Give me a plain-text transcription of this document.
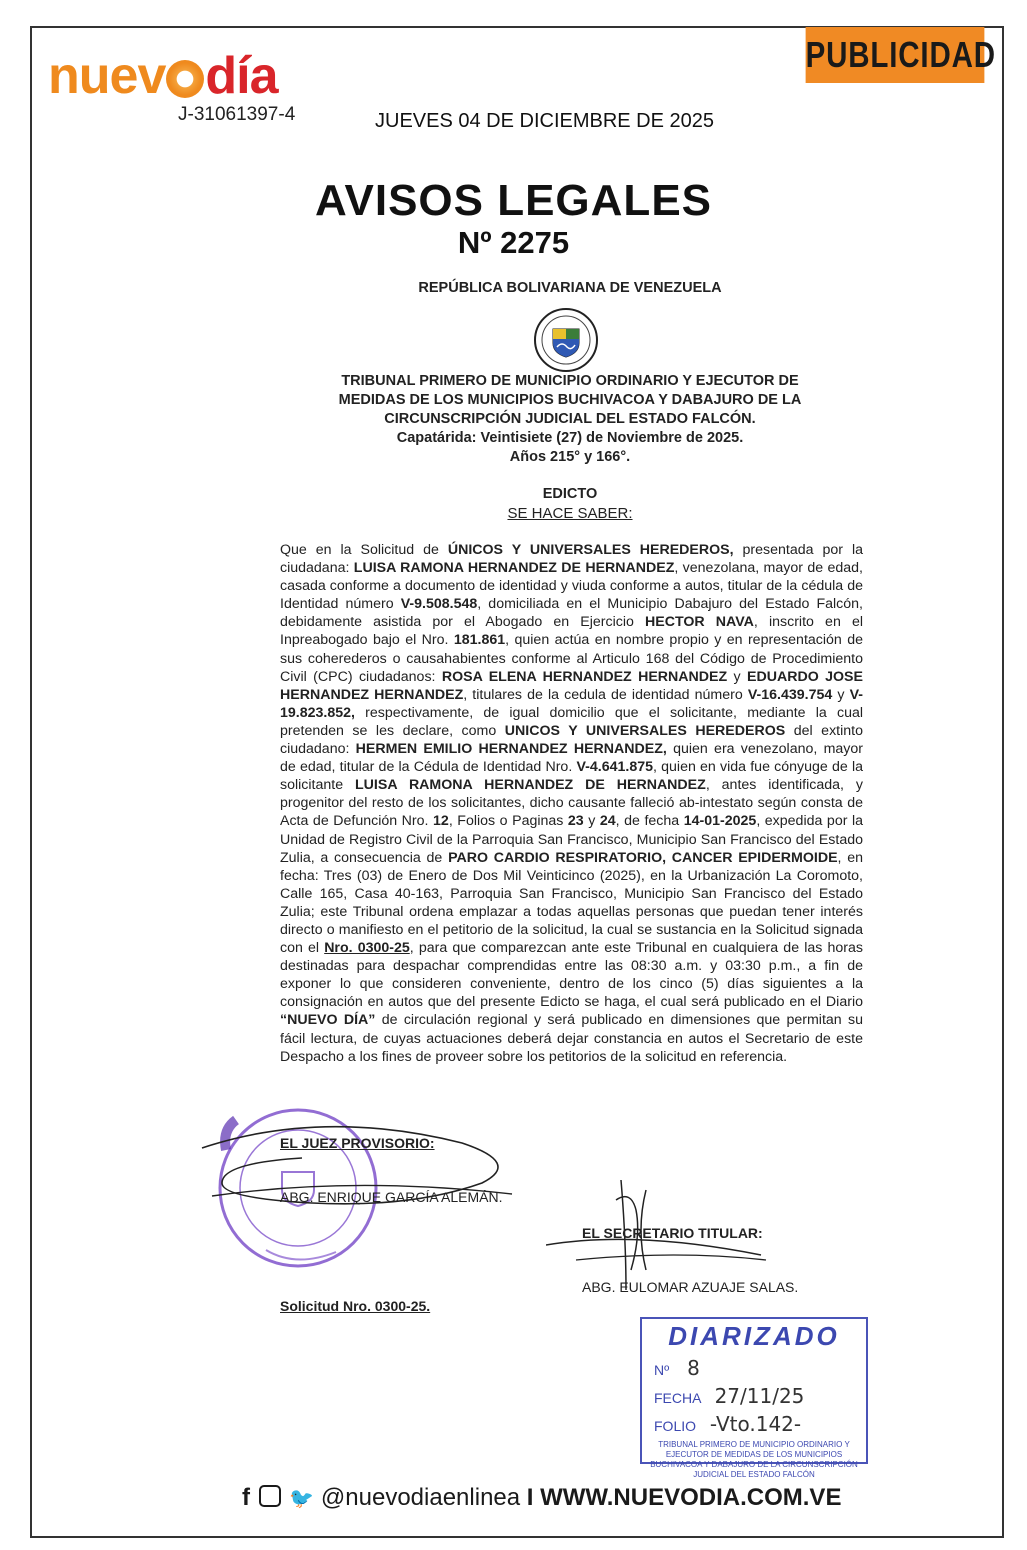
PUBLICIDAD
nuev día
J-31061397-4	JUEVES 04 DE DICIEMBRE DE 2025
AVISOS LEGALES
Nº 2275
REPÚBLICA BOLIVARIANA DE VENEZUELA
TRIBUNAL PRIMERO DE MUNICIPIO ORDINARIO Y EJECUTOR DE
MEDIDAS DE LOS MUNICIPIOS BUCHIVACOA Y DABAJURO DE LA
CIRCUNSCRIPCIÓN JUDICIAL DEL ESTADO FALCÓN.
Capatárida: Veintisiete (27) de Noviembre de 2025.
Años 215° y 166°.
EDICTO
SE HACE SABER:
Que en la Solicitud de ÚNICOS Y UNIVERSALES HEREDEROS, presentada por la ciudadana: LUISA RAMONA HERNANDEZ DE HERNANDEZ, venezolana, mayor de edad, casada conforme a documento de identidad y viuda conforme a autos, titular de la cédula de Identidad número V-9.508.548, domiciliada en el Municipio Dabajuro del Estado Falcón, debidamente asistida por el Abogado en Ejercicio HECTOR NAVA, inscrito en el Inpreabogado bajo el Nro. 181.861, quien actúa en nombre propio y en representación de sus coherederos o causahabientes conforme al Articulo 168 del Código de Procedimiento Civil (CPC) ciudadanos: ROSA ELENA HERNANDEZ HERNANDEZ y EDUARDO JOSE HERNANDEZ HERNANDEZ, titulares de la cedula de identidad número V-16.439.754 y V-19.823.852, respectivamente, de igual domicilio que el solicitante, mediante la cual pretenden se les declare, como UNICOS Y UNIVERSALES HEREDEROS del extinto ciudadano: HERMEN EMILIO HERNANDEZ HERNANDEZ, quien era venezolano, mayor de edad, titular de la Cédula de Identidad Nro. V-4.641.875, quien en vida fue cónyuge de la solicitante LUISA RAMONA HERNANDEZ DE HERNANDEZ, antes identificada, y progenitor del resto de los solicitantes, dicho causante falleció ab-intestato según consta de Acta de Defunción Nro. 12, Folios o Paginas 23 y 24, de fecha 14-01-2025, expedida por la Unidad de Registro Civil de la Parroquia San Francisco, Municipio San Francisco del Estado Zulia, a consecuencia de PARO CARDIO RESPIRATORIO, CANCER EPIDERMOIDE, en fecha: Tres (03) de Enero de Dos Mil Veinticinco (2025), en la Urbanización La Coromoto, Calle 165, Casa 40-163, Parroquia San Francisco, Municipio San Francisco del Estado Zulia; este Tribunal ordena emplazar a todas aquellas personas que puedan tener interés directo o manifiesto en el petitorio de la solicitud, la cual se sustancia en la Solicitud signada con el Nro. 0300-25, para que comparezcan ante este Tribunal en cualquiera de las horas destinadas para despachar comprendidas entre las 08:30 a.m. y 03:30 p.m., a fin de exponer lo que consideren conveniente, dentro de los cinco (5) días siguientes a la consignación en autos que del presente Edicto se haga, el cual será publicado en el Diario “NUEVO DÍA” de circulación regional y será publicado en dimensiones que permitan su fácil lectura, de cuyas actuaciones deberá dejar constancia en autos el Secretario de este Despacho a los fines de proveer sobre los petitorios de la solicitud en referencia.
EL JUEZ PROVISORIO:
ABG. ENRIQUE GARCÍA ALEMÁN.
EL SECRETARIO TITULAR:
ABG. EULOMAR AZUAJE SALAS.
Solicitud Nro. 0300-25.
DIARIZADO
Nº 8
FECHA 27/11/25
FOLIO -Vto.142-
TRIBUNAL PRIMERO DE MUNICIPIO ORDINARIO Y EJECUTOR DE MEDIDAS DE LOS MUNICIPIOS BUCHIVACOA Y DABAJURO DE LA CIRCUNSCRIPCIÓN JUDICIAL DEL ESTADO FALCÓN
f 🐦 @nuevodiaenlinea I WWW.NUEVODIA.COM.VE
